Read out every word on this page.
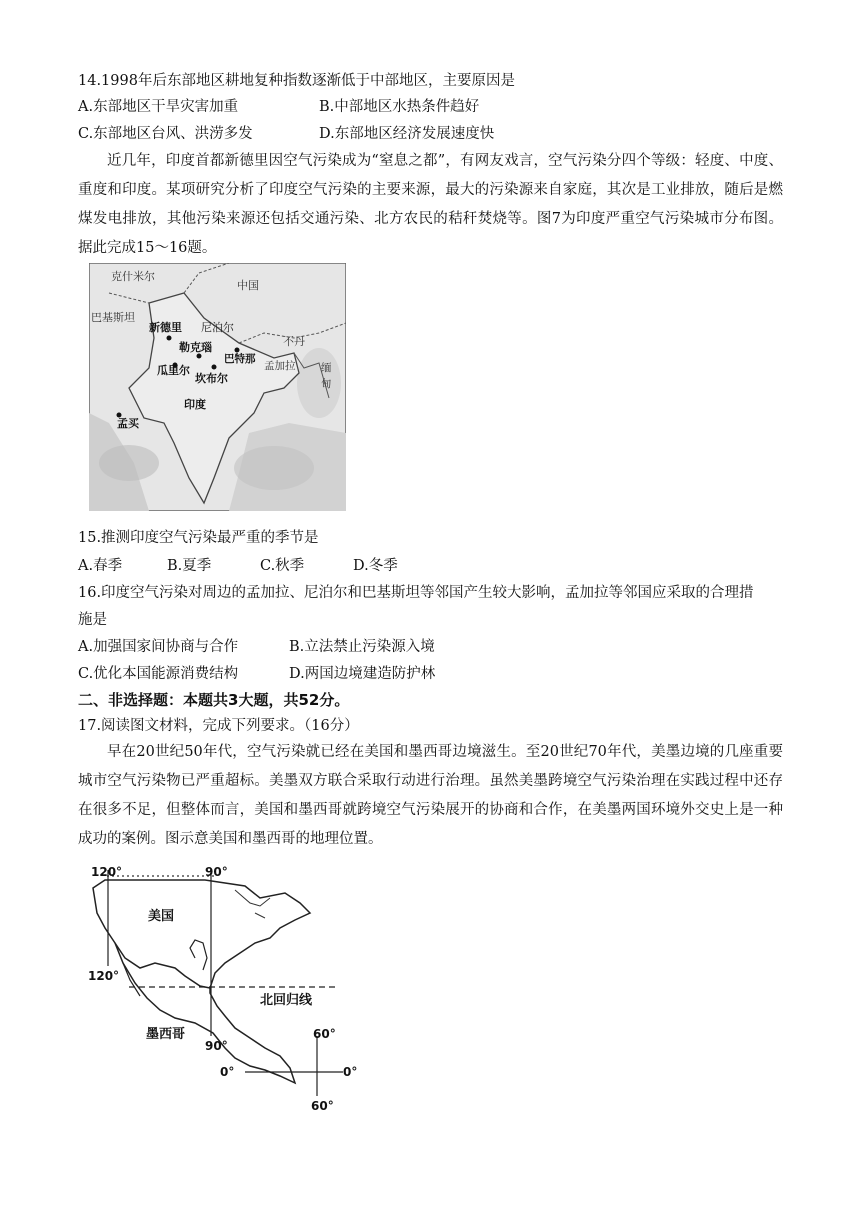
14.1998年后东部地区耕地复种指数逐渐低于中部地区，主要原因是
A.东部地区干旱灾害加重	B.中部地区水热条件趋好
C.东部地区台风、洪涝多发	D.东部地区经济发展速度快
近几年，印度首都新德里因空气污染成为“窒息之都”，有网友戏言，空气污染分四个等级：轻度、中度、重度和印度。某项研究分析了印度空气污染的主要来源，最大的污染源来自家庭，其次是工业排放，随后是燃煤发电排放，其他污染来源还包括交通污染、北方农民的秸秆焚烧等。图7为印度严重空气污染城市分布图。据此完成15～16题。
克什米尔
中国
巴基斯坦
新德里 尼泊尔
勒克瑙
巴特那
不丹
瓜里尔
坎布尔
孟加拉 缅
甸
印度
孟买
15.推测印度空气污染最严重的季节是
A.春季	B.夏季	C.秋季	D.冬季
16.印度空气污染对周边的孟加拉、尼泊尔和巴基斯坦等邻国产生较大影响，孟加拉等邻国应采取的合理措
施是
A.加强国家间协商与合作	B.立法禁止污染源入境
C.优化本国能源消费结构	D.两国边境建造防护林
二、非选择题：本题共3大题，共52分。
17.阅读图文材料，完成下列要求。（16分）
早在20世纪50年代，空气污染就已经在美国和墨西哥边境滋生。至20世纪70年代，美墨边境的几座重要城市空气污染物已严重超标。美墨双方联合采取行动进行治理。虽然美墨跨境空气污染治理在实践过程中还存在很多不足，但整体而言，美国和墨西哥就跨境空气污染展开的协商和合作，在美墨两国环境外交史上是一种成功的案例。图示意美国和墨西哥的地理位置。
120°	90°
美国
120°
北回归线
墨西哥
90°
60°
0°	0°
60°
